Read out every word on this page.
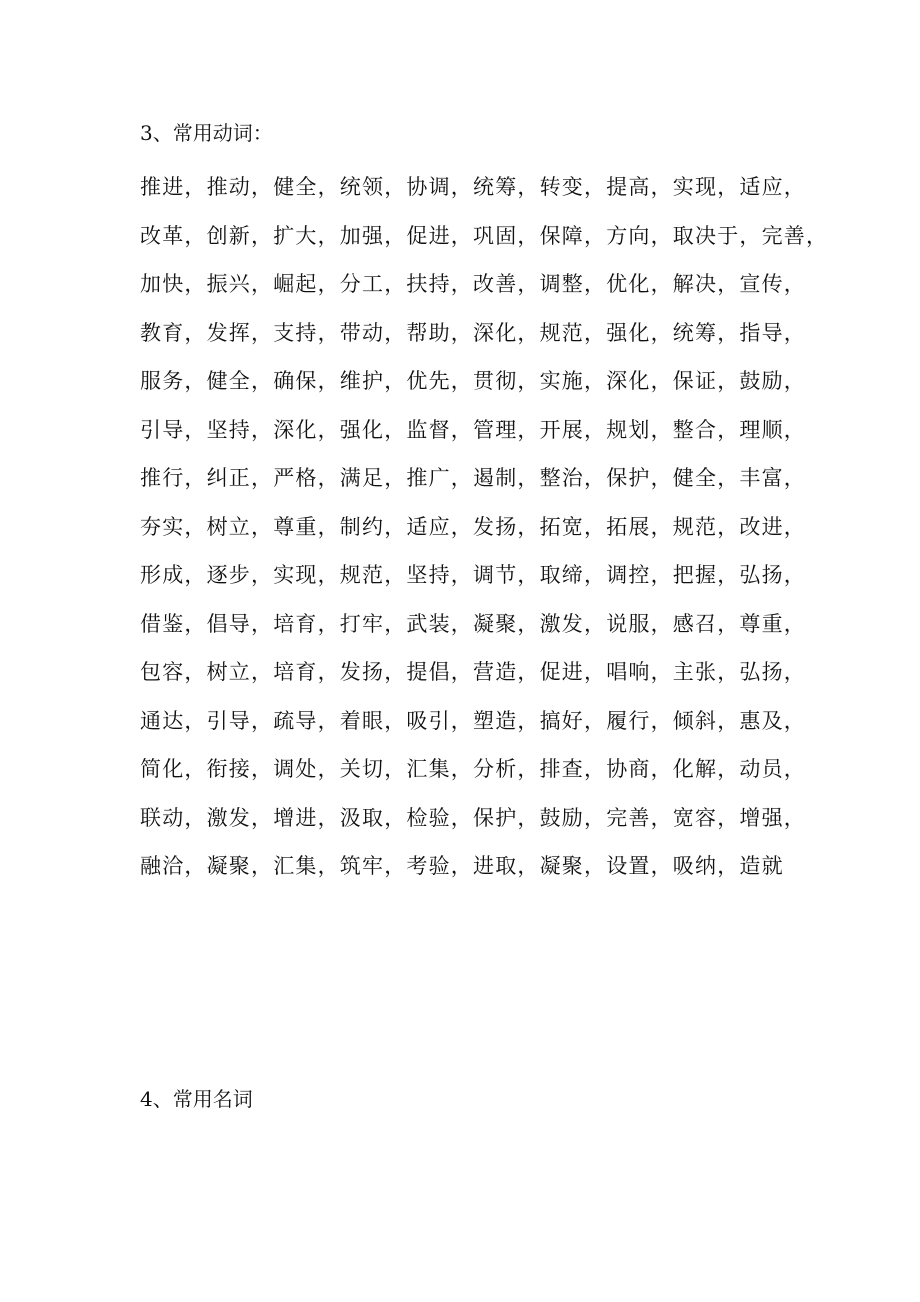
3、常用动词：
推进，推动，健全，统领，协调，统筹，转变，提高，实现，适应，
改革，创新，扩大，加强，促进，巩固，保障，方向，取决于，完善，
加快，振兴，崛起，分工，扶持，改善，调整，优化，解决，宣传，
教育，发挥，支持，带动，帮助，深化，规范，强化，统筹，指导，
服务，健全，确保，维护，优先，贯彻，实施，深化，保证，鼓励，
引导，坚持，深化，强化，监督，管理，开展，规划，整合，理顺，
推行，纠正，严格，满足，推广，遏制，整治，保护，健全，丰富，
夯实，树立，尊重，制约，适应，发扬，拓宽，拓展，规范，改进，
形成，逐步，实现，规范，坚持，调节，取缔，调控，把握，弘扬，
借鉴，倡导，培育，打牢，武装，凝聚，激发，说服，感召，尊重，
包容，树立，培育，发扬，提倡，营造，促进，唱响，主张，弘扬，
通达，引导，疏导，着眼，吸引，塑造，搞好，履行，倾斜，惠及，
简化，衔接，调处，关切，汇集，分析，排查，协商，化解，动员，
联动，激发，增进，汲取，检验，保护，鼓励，完善，宽容，增强，
融洽，凝聚，汇集，筑牢，考验，进取，凝聚，设置，吸纳，造就
4、常用名词
